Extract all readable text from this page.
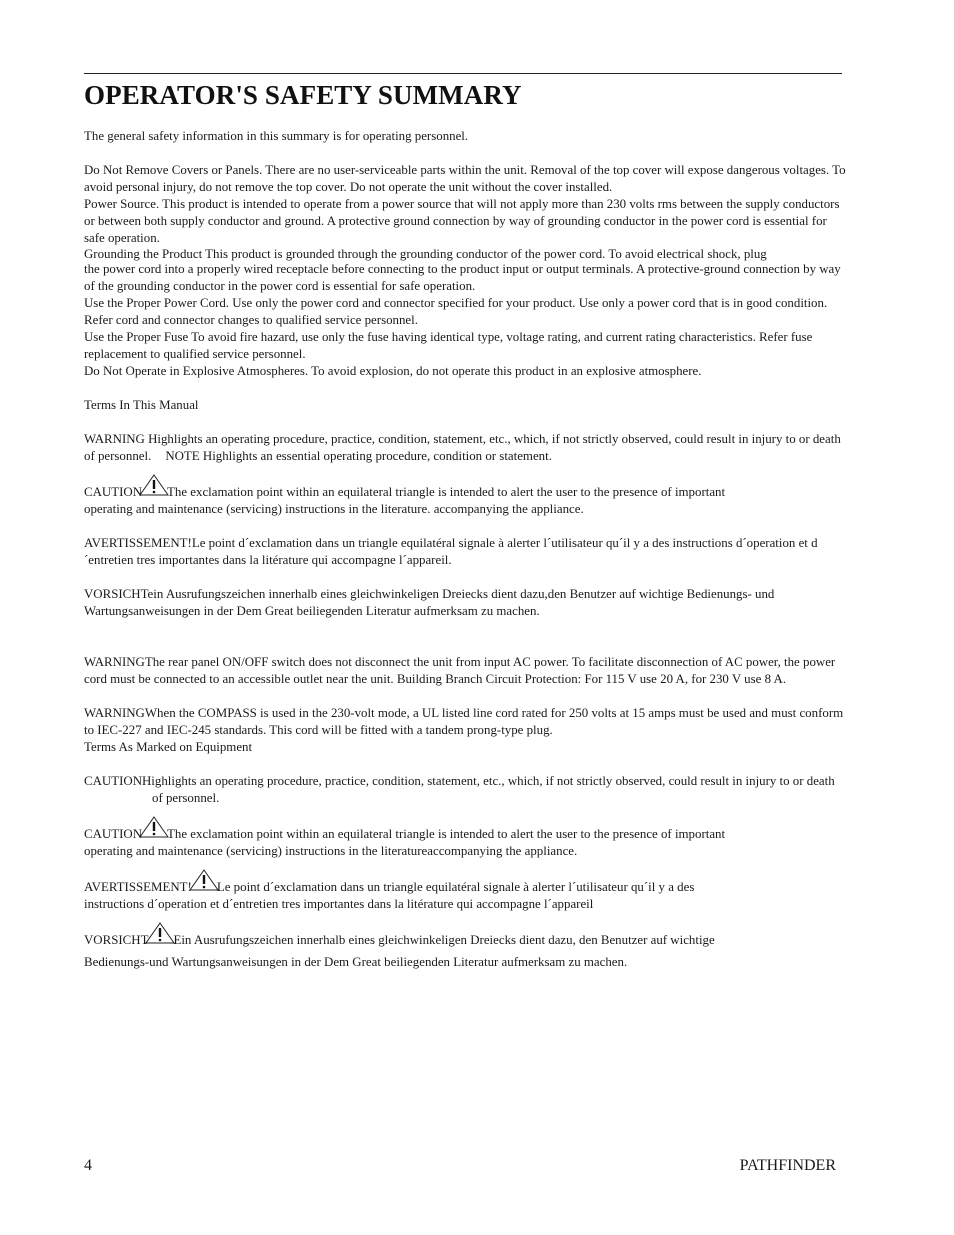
OPERATOR'S SAFETY SUMMARY

The general safety information in this summary is for operating personnel.

Do Not Remove Covers or Panels. There are no user-serviceable parts within the unit. Removal of the top cover will expose dangerous voltages. To avoid personal injury, do not remove the top cover. Do not operate the unit without the cover installed.

Power Source. This product is intended to operate from a power source that will not apply more than 230 volts rms between the supply conductors or between both supply conductor and ground. A protective ground connection by way of grounding conductor in the power cord is essential for safe operation.

Grounding the Product This product is grounded through the grounding conductor of the power cord. To avoid electrical shock, plug

the power cord into a properly wired receptacle before connecting to the product input or output terminals. A protective-ground connection by way of the grounding conductor in the power cord is essential for safe operation.

Use the Proper Power Cord. Use only the power cord and connector specified for your product. Use only a power cord that is in good condition. Refer cord and connector changes to qualified service personnel.

Use the Proper Fuse To avoid fire hazard, use only the fuse having identical type, voltage rating, and current rating characteristics. Refer fuse replacement to qualified service personnel.

Do Not Operate in Explosive Atmospheres. To avoid explosion, do not operate this product in an explosive atmosphere.

Terms In This Manual

WARNING Highlights an operating procedure, practice, condition, statement, etc., which, if not strictly observed, could result in injury to or death of personnel. NOTE Highlights an essential operating procedure, condition or statement.

CAUTION The exclamation point within an equilateral triangle is intended to alert the user to the presence of important
operating and maintenance (servicing) instructions in the literature. accompanying the appliance.

AVERTISSEMENT!Le point d´exclamation dans un triangle equilatéral signale à alerter l´utilisateur qu´il y a des instructions d´operation et d´entretien tres importantes dans la litérature qui accompagne l´appareil.

VORSICHTein Ausrufungszeichen innerhalb eines gleichwinkeligen Dreiecks dient dazu,den Benutzer auf wichtige Bedienungs- und Wartungsanweisungen in der Dem Great beiliegenden Literatur aufmerksam zu machen.

WARNINGThe rear panel ON/OFF switch does not disconnect the unit from input AC power. To facilitate disconnection of AC power, the power cord must be connected to an accessible outlet near the unit. Building Branch Circuit Protection: For 115 V use 20 A, for 230 V use 8 A.

WARNINGWhen the COMPASS is used in the 230-volt mode, a UL listed line cord rated for 250 volts at 15 amps must be used and must conform to IEC-227 and IEC-245 standards. This cord will be fitted with a tandem prong-type plug.

Terms As Marked on Equipment

CAUTIONHighlights an operating procedure, practice, condition, statement, etc., which, if not strictly observed, could result in injury to or deathof personnel.

CAUTION The exclamation point within an equilateral triangle is intended to alert the user to the presence of important
operating and maintenance (servicing) instructions in the literatureaccompanying the appliance.

AVERTISSEMENT! Le point d´exclamation dans un triangle equilatéral signale à alerter l´utilisateur qu´il y a des
instructions d´operation et d´entretien tres importantes dans la litérature qui accompagne l´appareil

VORSICHT Ein Ausrufungszeichen innerhalb eines gleichwinkeligen Dreiecks dient dazu, den Benutzer auf wichtige
Bedienungs-und Wartungsanweisungen in der Dem Great beiliegenden Literatur aufmerksam zu machen.

4	PATHFINDER
